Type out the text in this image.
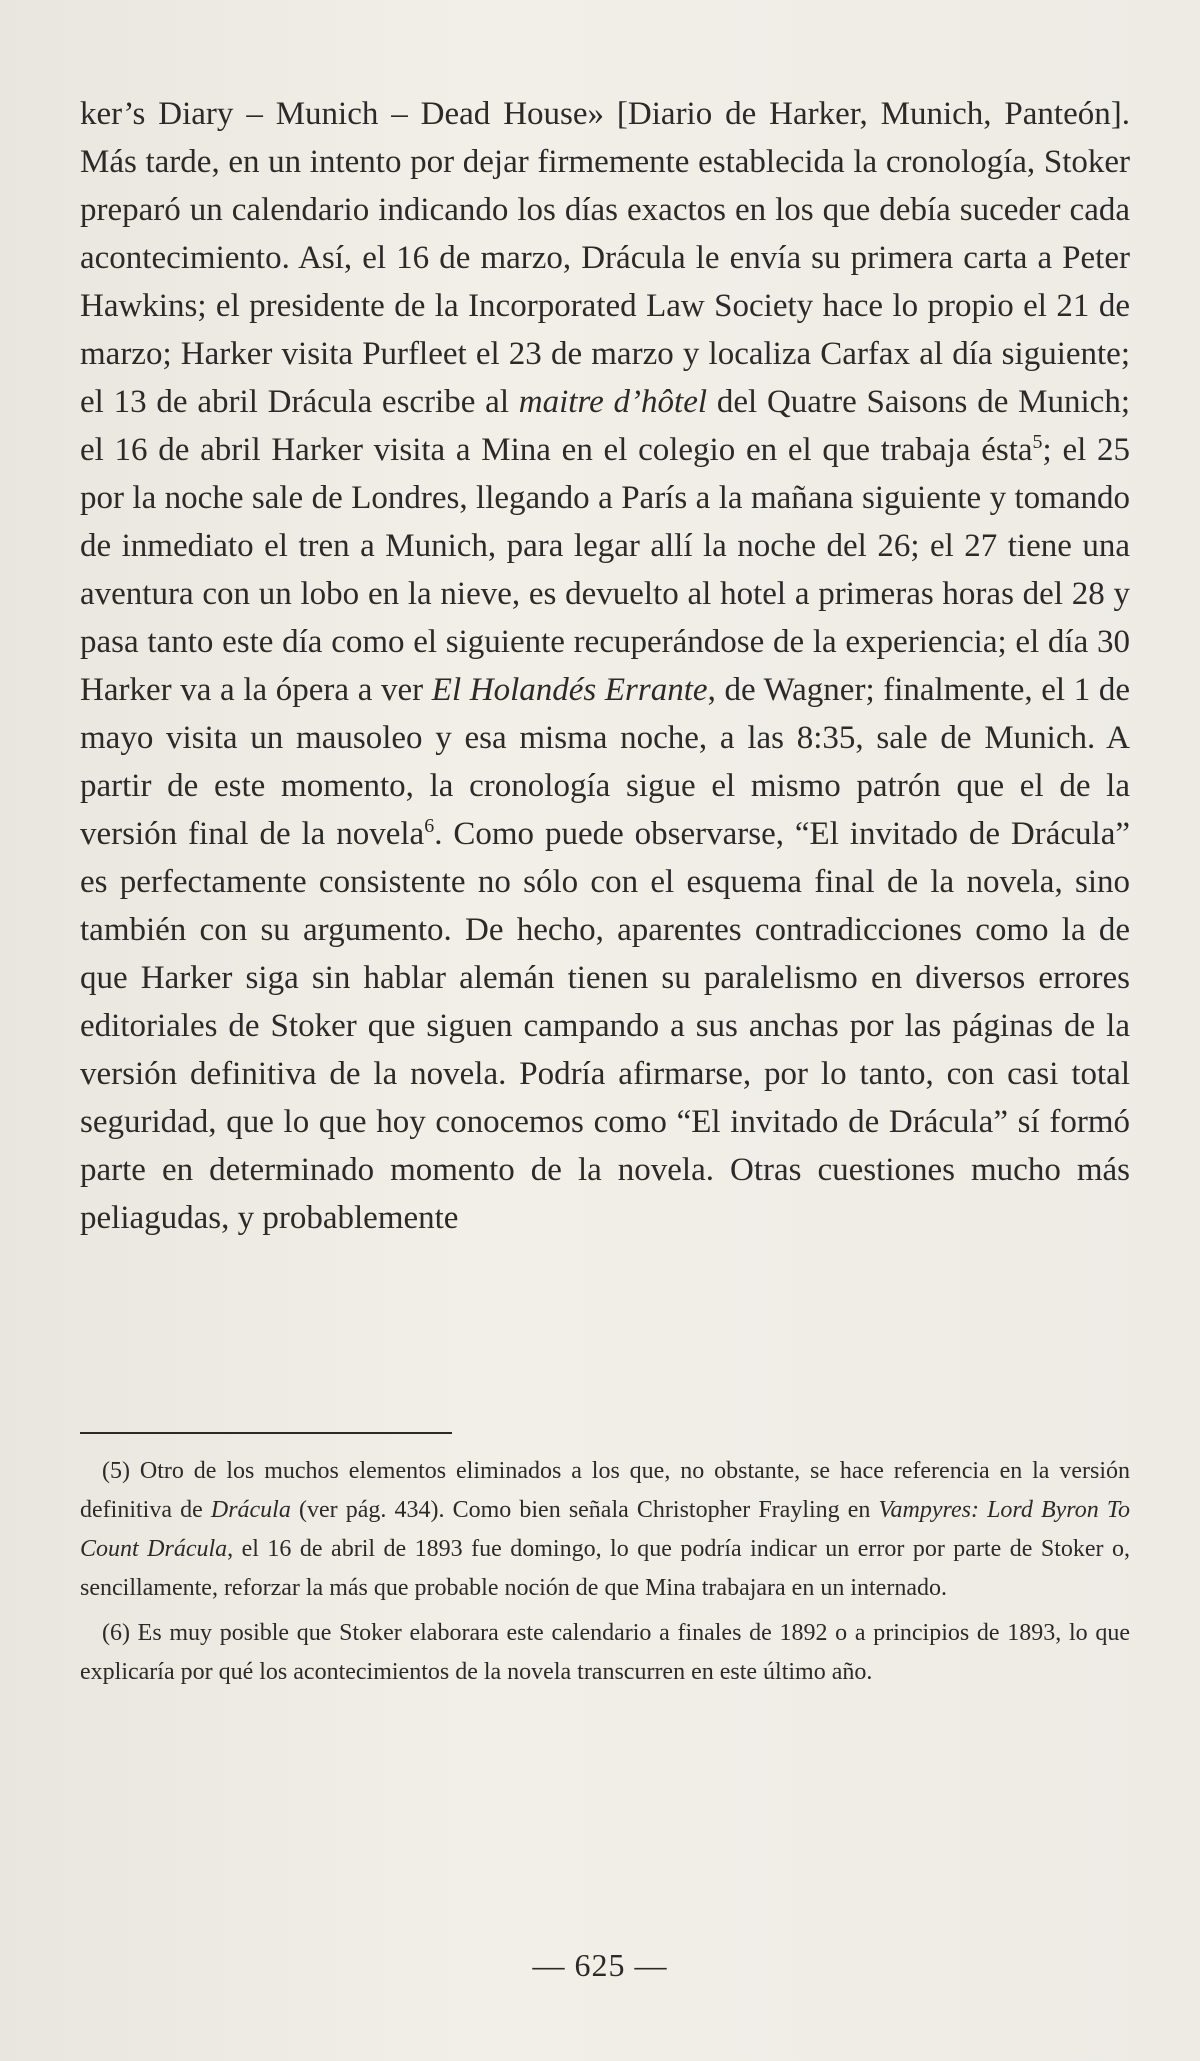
ker’s Diary – Munich – Dead House» [Diario de Harker, Munich, Panteón]. Más tarde, en un intento por dejar firmemente establecida la cronología, Stoker preparó un calendario indicando los días exactos en los que debía suceder cada acontecimiento. Así, el 16 de marzo, Drácula le envía su primera carta a Peter Hawkins; el presidente de la Incorporated Law Society hace lo propio el 21 de marzo; Harker visita Purfleet el 23 de marzo y localiza Carfax al día siguiente; el 13 de abril Drácula escribe al maitre d’hôtel del Quatre Saisons de Munich; el 16 de abril Harker visita a Mina en el colegio en el que trabaja ésta$^5$; el 25 por la noche sale de Londres, llegando a París a la mañana siguiente y tomando de inmediato el tren a Munich, para legar allí la noche del 26; el 27 tiene una aventura con un lobo en la nieve, es devuelto al hotel a primeras horas del 28 y pasa tanto este día como el siguiente recuperándose de la experiencia; el día 30 Harker va a la ópera a ver El Holandés Errante, de Wagner; finalmente, el 1 de mayo visita un mausoleo y esa misma noche, a las 8:35, sale de Munich. A partir de este momento, la cronología sigue el mismo patrón que el de la versión final de la novela$^6$. Como puede observarse, “El invitado de Drácula” es perfectamente consistente no sólo con el esquema final de la novela, sino también con su argumento. De hecho, aparentes contradicciones como la de que Harker siga sin hablar alemán tienen su paralelismo en diversos errores editoriales de Stoker que siguen campando a sus anchas por las páginas de la versión definitiva de la novela. Podría afirmarse, por lo tanto, con casi total seguridad, que lo que hoy conocemos como “El invitado de Drácula” sí formó parte en determinado momento de la novela. Otras cuestiones mucho más peliagudas, y probablemente

(5) Otro de los muchos elementos eliminados a los que, no obstante, se hace referencia en la versión definitiva de Drácula (ver pág. 434). Como bien señala Christopher Frayling en Vampyres: Lord Byron To Count Drácula, el 16 de abril de 1893 fue domingo, lo que podría indicar un error por parte de Stoker o, sencillamente, reforzar la más que probable noción de que Mina trabajara en un internado.

(6) Es muy posible que Stoker elaborara este calendario a finales de 1892 o a principios de 1893, lo que explicaría por qué los acontecimientos de la novela transcurren en este último año.

— 625 —
